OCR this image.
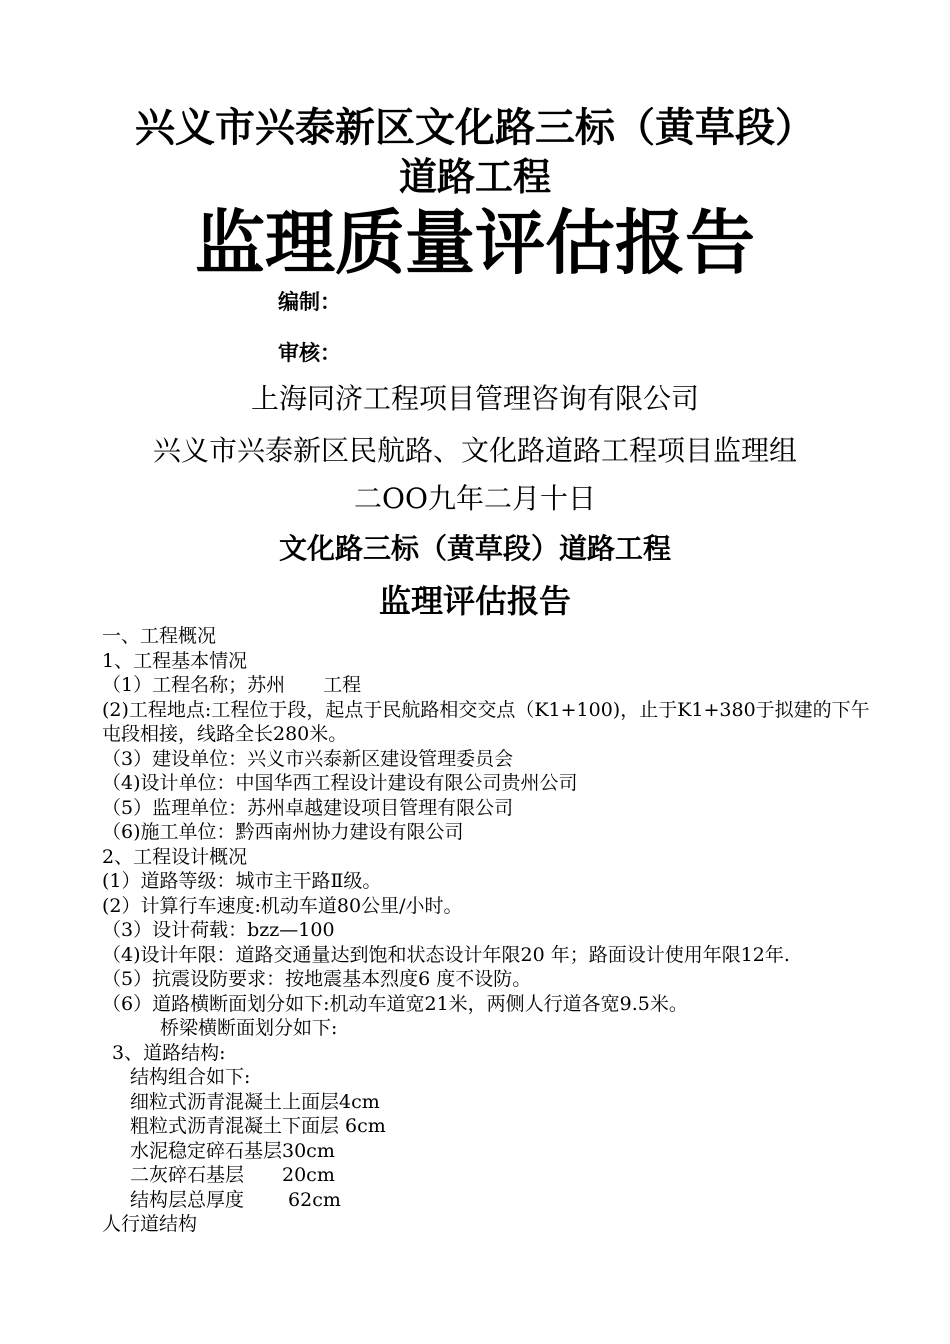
兴义市兴泰新区文化路三标（黄草段）
道路工程
监理质量评估报告
编制：
审核：
上海同济工程项目管理咨询有限公司
兴义市兴泰新区民航路、文化路道路工程项目监理组
二OO九年二月十日
文化路三标（黄草段）道路工程
监理评估报告
一、工程概况
1、工程基本情况
（1）工程名称；苏州　　工程
(2)工程地点:工程位于段，起点于民航路相交交点（K1+100)，止于K1+380于拟建的下午屯段相接，线路全长280米。
（3）建设单位：兴义市兴泰新区建设管理委员会
（4)设计单位：中国华西工程设计建设有限公司贵州公司
（5）监理单位：苏州卓越建设项目管理有限公司
（6)施工单位：黔西南州协力建设有限公司
2、工程设计概况
(1）道路等级：城市主干路Ⅱ级。
(2）计算行车速度:机动车道80公里/小时。
（3）设计荷载：bzz—100
（4)设计年限：道路交通量达到饱和状态设计年限20 年；路面设计使用年限12年.
（5）抗震设防要求：按地震基本烈度6 度不设防。
（6）道路横断面划分如下:机动车道宽21米，两侧人行道各宽9.5米。
桥梁横断面划分如下:
3、道路结构:
结构组合如下:
细粒式沥青混凝土上面层4cm
粗粒式沥青混凝土下面层 6cm
水泥稳定碎石基层30cm
二灰碎石基层　　20cm
结构层总厚度　　 62cm
人行道结构
